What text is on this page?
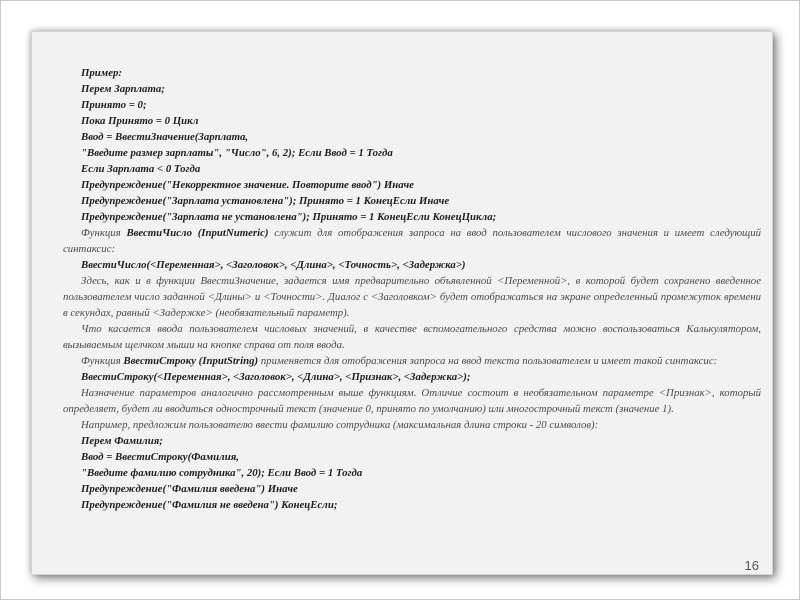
Пример:
Перем Зарплата;
Принято = 0;
Пока Принято = 0 Цикл
Ввод = ВвестиЗначение(Зарплата,
"Введите размер зарплаты", "Число", 6, 2); Если Ввод = 1 Тогда
Если Зарплата < 0 Тогда
Предупреждение("Некорректное значение. Повторите ввод") Иначе
Предупреждение("Зарплата установлена"); Принято = 1 КонецЕсли Иначе
Предупреждение("Зарплата не установлена"); Принято = 1 КонецЕсли КонецЦикла;
Функция ВвестиЧисло (InputNumeric) служит для отображения запроса на ввод пользователем числового значения и имеет следующий синтаксис:
ВвестиЧисло(<Переменная>, <Заголовок>, <Длина>, <Точность>, <Задержка>)
Здесь, как и в функции ВвестиЗначение, задается имя предварительно объявленной <Переменной>, в которой будет сохранено введенное пользователем число заданной <Длины> и <Точности>. Диалог с <Заголовком> будет отображаться на экране определенный промежуток времени в секундах, равный <Задержке> (необязательный параметр).
Что касается ввода пользователем числовых значений, в качестве вспомогательного средства можно воспользоваться Калькулятором, вызываемым щелчком мыши на кнопке справа от поля ввода.
Функция ВвестиСтроку (InputString) применяется для отображения запроса на ввод текста пользователем и имеет такой синтаксис:
ВвестиСтроку(<Переменная>, <Заголовок>, <Длина>, <Признак>, <Задержка>);
Назначение параметров аналогично рассмотренным выше функциям. Отличие состоит в необязательном параметре <Признак>, который определяет, будет ли вводиться однострочный текст (значение 0, принято по умолчанию) или многострочный текст (значение 1).
Например, предложим пользователю ввести фамилию сотрудника (максимальная длина строки - 20 символов):
Перем Фамилия;
Ввод = ВвестиСтроку(Фамилия,
"Введите фамилию сотрудника", 20); Если Ввод = 1 Тогда
Предупреждение("Фамилия введена") Иначе
Предупреждение("Фамилия не введена") КонецЕсли;
16
